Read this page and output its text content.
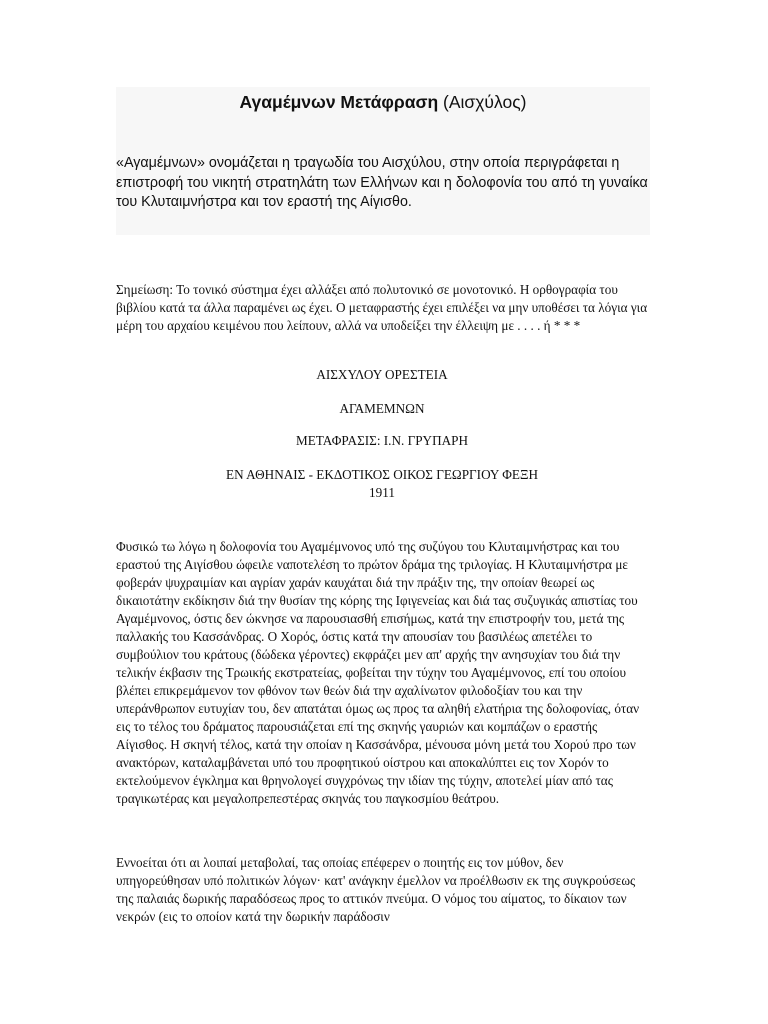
Αγαμέμνων Μετάφραση (Αισχύλος)

«Αγαμέμνων» ονομάζεται η τραγωδία του Αισχύλου, στην οποία περιγράφεται η επιστροφή του νικητή στρατηλάτη των Ελλήνων και η δολοφονία του από τη γυναίκα του Κλυταιμνήστρα και τον εραστή της Αίγισθο.

Σημείωση: Το τονικό σύστημα έχει αλλάξει από πολυτονικό σε μονοτονικό. Η ορθογραφία του βιβλίου κατά τα άλλα παραμένει ως έχει. Ο μεταφραστής έχει επιλέξει να μην υποθέσει τα λόγια για μέρη του αρχαίου κειμένου που λείπουν, αλλά να υποδείξει την έλλειψη με . . . . ή * * *

ΑΙΣΧΥΛΟΥ ΟΡΕΣΤΕΙΑ

ΑΓΑΜΕΜΝΩΝ

ΜΕΤΑΦΡΑΣΙΣ: Ι.Ν. ΓΡΥΠΑΡΗ

ΕΝ ΑΘΗΝΑΙΣ - ΕΚΔΟΤΙΚΟΣ ΟΙΚΟΣ ΓΕΩΡΓΙΟΥ ΦΕΞΗ

1911

Φυσικώ τω λόγω η δολοφονία του Αγαμέμνονος υπό της συζύγου του Κλυταιμνήστρας και του εραστού της Αιγίσθου ώφειλε ναποτελέση το πρώτον δράμα της τριλογίας. Η Κλυταιμνήστρα με φοβεράν ψυχραιμίαν και αγρίαν χαράν καυχάται διά την πράξιν της, την οποίαν θεωρεί ως δικαιοτάτην εκδίκησιν διά την θυσίαν της κόρης της Ιφιγενείας και διά τας συζυγικάς απιστίας του Αγαμέμνονος, όστις δεν ώκνησε να παρουσιασθή επισήμως, κατά την επιστροφήν του, μετά της παλλακής του Κασσάνδρας. Ο Χορός, όστις κατά την απουσίαν του βασιλέως απετέλει το συμβούλιον του κράτους (δώδεκα γέροντες) εκφράζει μεν απ' αρχής την ανησυχίαν του διά την τελικήν έκβασιν της Τρωικής εκστρατείας, φοβείται την τύχην του Αγαμέμνονος, επί του οποίου βλέπει επικρεμάμενον τον φθόνον των θεών διά την αχαλίνωτον φιλοδοξίαν του και την υπεράνθρωπον ευτυχίαν του, δεν απατάται όμως ως προς τα αληθή ελατήρια της δολοφονίας, όταν εις το τέλος του δράματος παρουσιάζεται επί της σκηνής γαυριών και κομπάζων ο εραστής Αίγισθος. Η σκηνή τέλος, κατά την οποίαν η Κασσάνδρα, μένουσα μόνη μετά του Χορού προ των ανακτόρων, καταλαμβάνεται υπό του προφητικού οίστρου και αποκαλύπτει εις τον Χορόν το εκτελούμενον έγκλημα και θρηνολογεί συγχρόνως την ιδίαν της τύχην, αποτελεί μίαν από τας τραγικωτέρας και μεγαλοπρεπεστέρας σκηνάς του παγκοσμίου θεάτρου.

Εννοείται ότι αι λοιπαί μεταβολαί, τας οποίας επέφερεν ο ποιητής εις τον μύθον, δεν υπηγορεύθησαν υπό πολιτικών λόγων· κατ' ανάγκην έμελλον να προέλθωσιν εκ της συγκρούσεως της παλαιάς δωρικής παραδόσεως προς το αττικόν πνεύμα. Ο νόμος του αίματος, το δίκαιον των νεκρών (εις το οποίον κατά την δωρικήν παράδοσιν
